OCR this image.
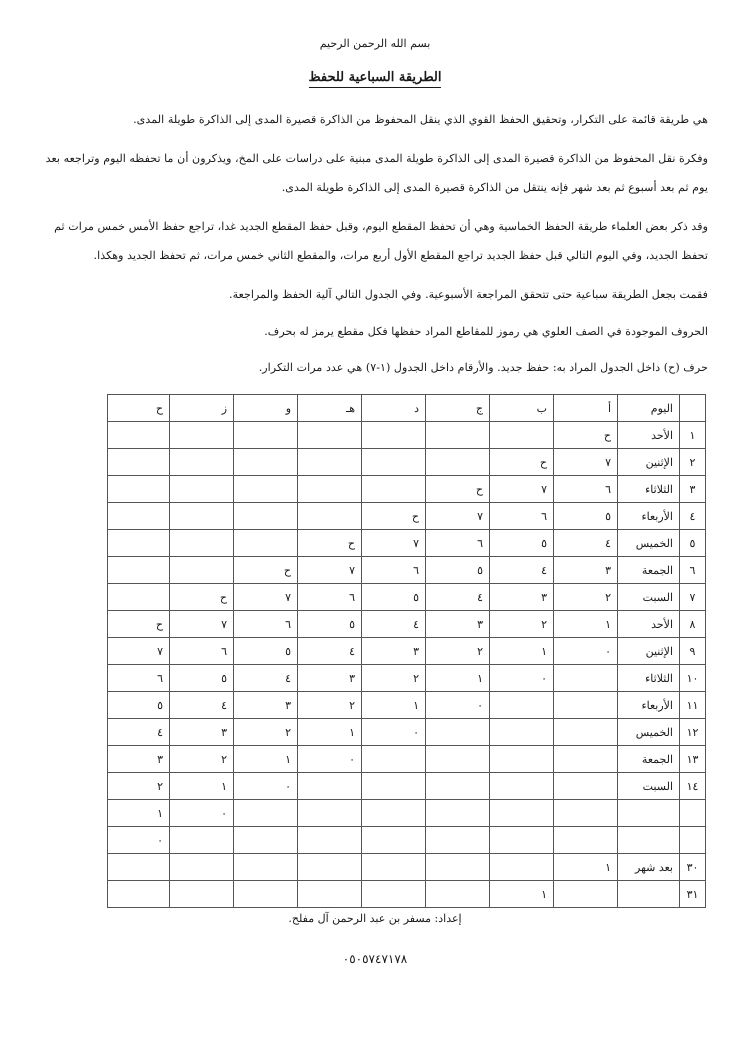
بسم الله الرحمن الرحيم
الطريقة السباعية للحفظ

هي طريقة قائمة على التكرار، وتحقيق الحفظ القوي الذي ينقل المحفوظ من الذاكرة قصيرة المدى إلى الذاكرة طويلة المدى.

وفكرة نقل المحفوظ من الذاكرة قصيرة المدى إلى الذاكرة طويلة المدى مبنية على دراسات على المخ، ويذكرون أن ما تحفظه اليوم وتراجعه بعد يوم ثم بعد أسبوع ثم بعد شهر فإنه ينتقل من الذاكرة قصيرة المدى إلى الذاكرة طويلة المدى.

وقد ذكر بعض العلماء طريقة الحفظ الخماسية وهي أن تحفظ المقطع اليوم، وقبل حفظ المقطع الجديد غدا، تراجع حفظ الأمس خمس مرات ثم تحفظ الجديد، وفي اليوم التالي قبل حفظ الجديد تراجع المقطع الأول أربع مرات، والمقطع الثاني خمس مرات، ثم تحفظ الجديد وهكذا.

فقمت بجعل الطريقة سباعية حتى تتحقق المراجعة الأسبوعية. وفي الجدول التالي آلية الحفظ والمراجعة.

الحروف الموجودة في الصف العلوي هي رموز للمقاطع المراد حفظها فكل مقطع يرمز له بحرف.

حرف (ح) داخل الجدول المراد به: حفظ جديد. والأرقام داخل الجدول (١-٧) هي عدد مرات التكرار.

	اليوم	أ	ب	ج	د	هـ	و	ز	ح
١	الأحد	ح							
٢	الإثنين	٧	ح						
٣	الثلاثاء	٦	٧	ح					
٤	الأربعاء	٥	٦	٧	ح				
٥	الخميس	٤	٥	٦	٧	ح			
٦	الجمعة	٣	٤	٥	٦	٧	ح		
٧	السبت	٢	٣	٤	٥	٦	٧	ح	
٨	الأحد	١	٢	٣	٤	٥	٦	٧	ح
٩	الإثنين	٠	١	٢	٣	٤	٥	٦	٧
١٠	الثلاثاء		٠	١	٢	٣	٤	٥	٦
١١	الأربعاء			٠	١	٢	٣	٤	٥
١٢	الخميس				٠	١	٢	٣	٤
١٣	الجمعة					٠	١	٢	٣
١٤	السبت						٠	١	٢
								٠	١
									٠
٣٠	بعد شهر	١							
٣١			١						
إعداد: مسفر بن عبد الرحمن آل مفلح.
٠٥٠٥٧٤٧١٧٨
